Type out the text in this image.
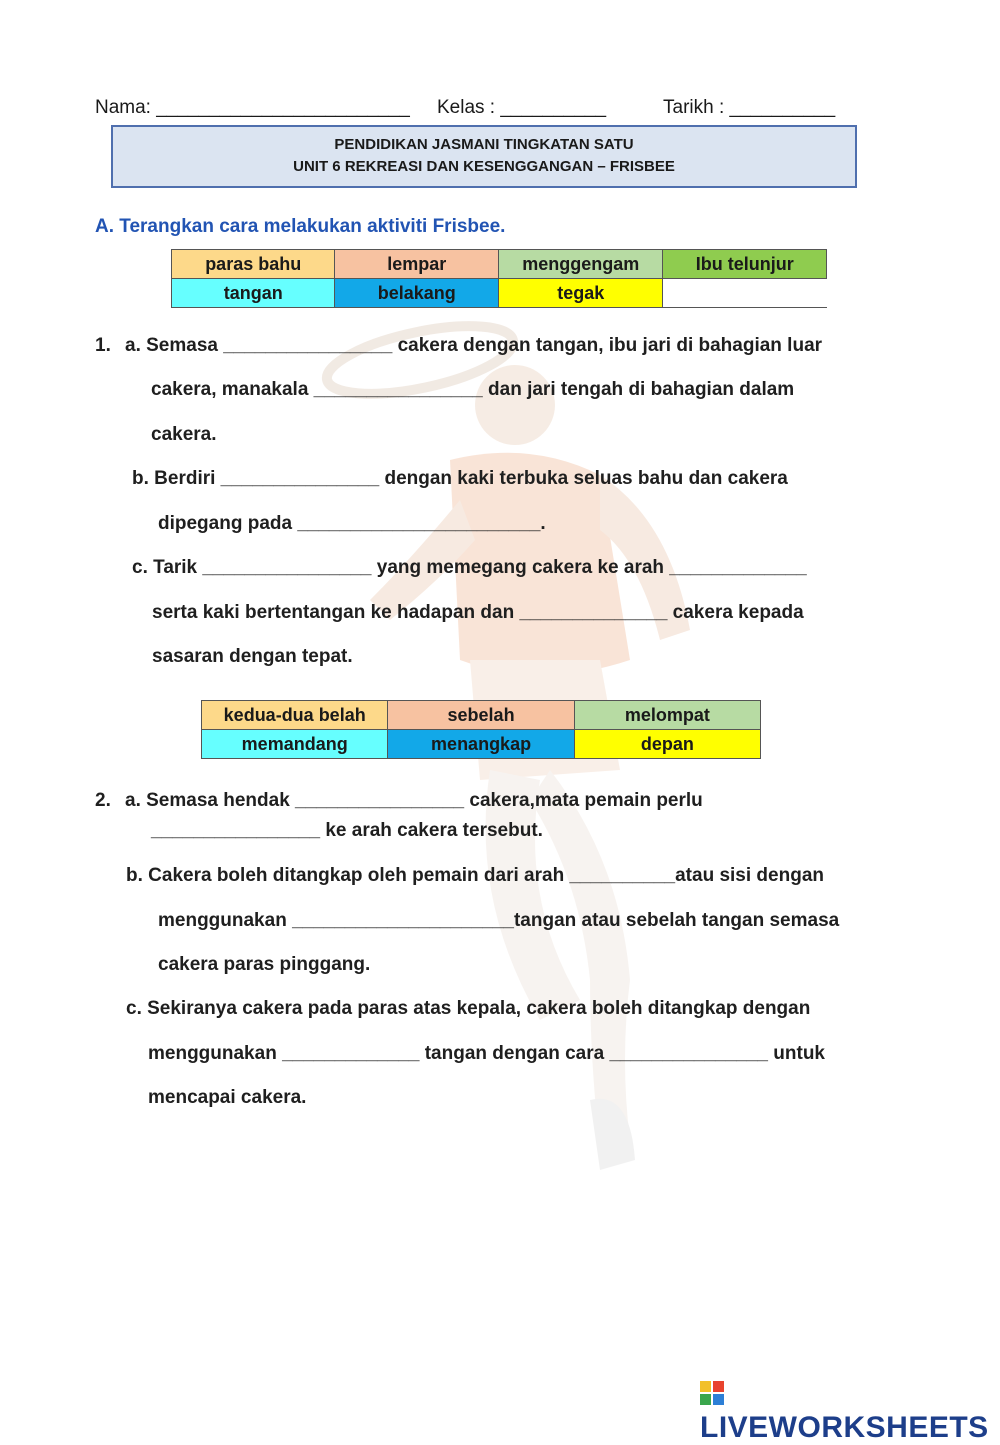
Nama: ________________________ Kelas : __________	Tarikh : __________
PENDIDIKAN JASMANI TINGKATAN SATU
UNIT 6 REKREASI DAN KESENGGANGAN – FRISBEE
A. Terangkan cara melakukan aktiviti Frisbee.
paras bahu	lempar	menggengam	Ibu telunjur
tangan	belakang	tegak	
1. a. Semasa ________________ cakera dengan tangan, ibu jari di bahagian luar
cakera, manakala ________________ dan jari tengah di bahagian dalam
cakera.
b. Berdiri _______________ dengan kaki terbuka seluas bahu dan cakera
dipegang pada _______________________.
c. Tarik ________________ yang memegang cakera ke arah _____________
serta kaki bertentangan ke hadapan dan ______________ cakera kepada
sasaran dengan tepat.
kedua-dua belah	sebelah	melompat
memandang	menangkap	depan
2. a. Semasa hendak ________________ cakera,mata pemain perlu
________________ ke arah cakera tersebut.
b. Cakera boleh ditangkap oleh pemain dari arah __________atau sisi dengan
menggunakan _____________________tangan atau sebelah tangan semasa
cakera paras pinggang.
c. Sekiranya cakera pada paras atas kepala, cakera boleh ditangkap dengan
menggunakan _____________ tangan dengan cara _______________ untuk
mencapai cakera.
LIVEWORKSHEETS
